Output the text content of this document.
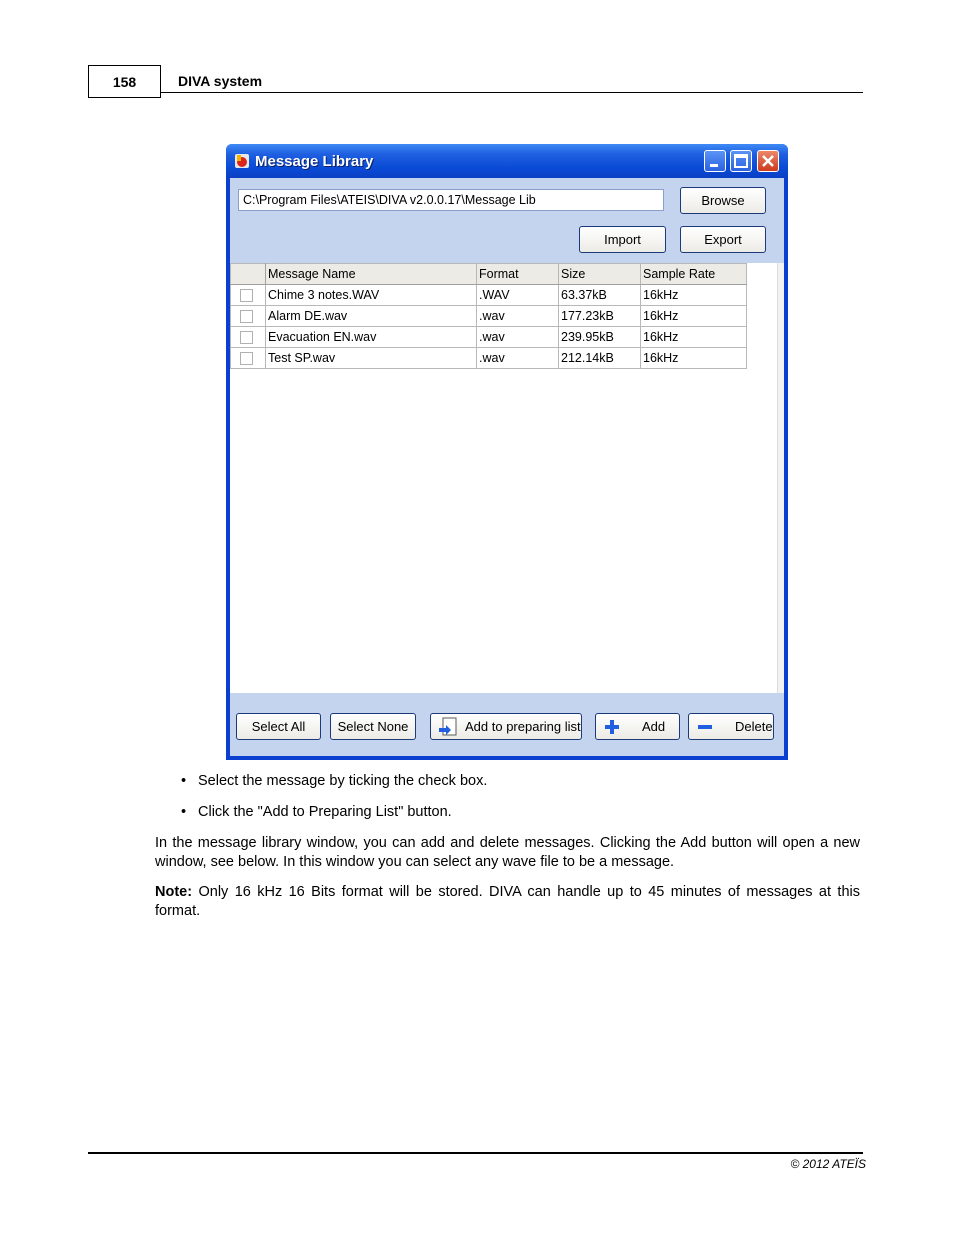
158	DIVA system
Message Library
C:\Program Files\ATEIS\DIVA v2.0.0.17\Message Lib
Browse
Import	Export
	Message Name	Format	Size	Sample Rate
	Chime 3 notes.WAV	.WAV	63.37kB	16kHz
	Alarm DE.wav	.wav	177.23kB	16kHz
	Evacuation EN.wav	.wav	239.95kB	16kHz
	Test SP.wav	.wav	212.14kB	16kHz
Select All	Select None	Add to preparing list	Add	Delete
• Select the message by ticking the check box.
• Click the "Add to Preparing List" button.

In the message library window, you can add and delete messages. Clicking the Add button will open a new window, see below. In this window you can select any wave file to be a message.

Note: Only 16 kHz 16 Bits format will be stored. DIVA can handle up to 45 minutes of messages at this format.

© 2012 ATEÏS
